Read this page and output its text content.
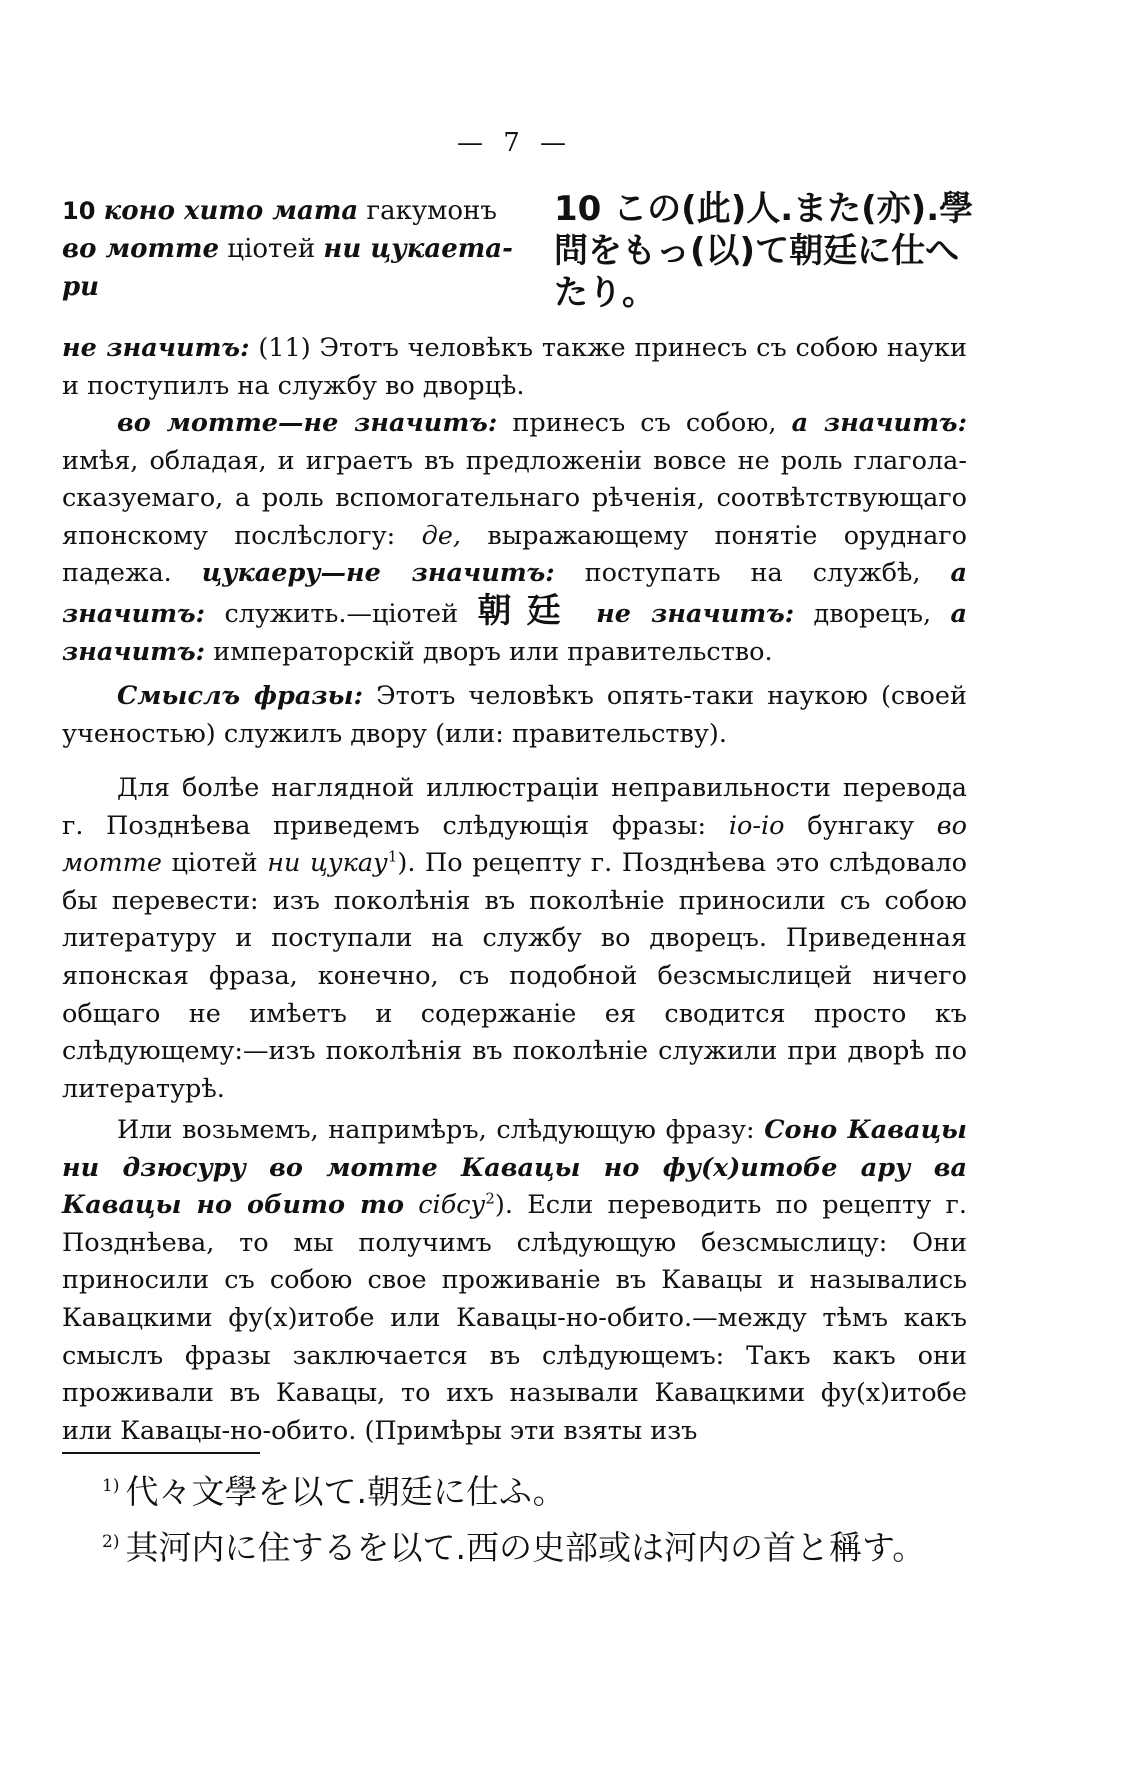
— 7 —
10 коно хито мата гакумонъ во мотте ціотей ни цукаета-ри
10 この(此)人.また(亦).學問をもっ(以)て朝廷に仕へたり。

не значитъ: (11) Этотъ человѣкъ также принесъ съ собою науки и поступилъ на службу во дворцѣ.

во мотте—не значитъ: принесъ съ собою, а значитъ: имѣя, обладая, и играетъ въ предложеніи вовсе не роль глагола-сказуемаго, а роль вспомогательнаго рѣченія, соотвѣтствующаго японскому послѣслогу: де, выражающему понятіе оруднаго падежа. цукаеру—не значитъ: поступать на службѣ, а значитъ: служить.—ціотей 朝廷 не значитъ: дворецъ, а значитъ: императорскій дворъ или правительство.

Смыслъ фразы: Этотъ человѣкъ опять-таки наукою (своей ученостью) служилъ двору (или: правительству).

Для болѣе наглядной иллюстраціи неправильности перевода г. Позднѣева приведемъ слѣдующія фразы: іо-іо бунгаку во мотте ціотей ни цукау$^1$). По рецепту г. Позднѣева это слѣдовало бы перевести: изъ поколѣнія въ поколѣніе приносили съ собою литературу и поступали на службу во дворецъ. Приведенная японская фраза, конечно, съ подобной безсмыслицей ничего общаго не имѣетъ и содержаніе ея сводится просто къ слѣдующему:—изъ поколѣнія въ поколѣніе служили при дворѣ по литературѣ.

Или возьмемъ, напримѣръ, слѣдующую фразу: Соно Кавацы ни дзюсуру во мотте Кавацы но фу(х)итобе ару ва Кавацы но обито то сібсу$^2$). Если переводить по рецепту г. Позднѣева, то мы получимъ слѣдующую безсмыслицу: Они приносили съ собою свое проживаніе въ Кавацы и назывались Кавацкими фу(х)итобе или Кавацы-но-обито.—между тѣмъ какъ смыслъ фразы заключается въ слѣдующемъ: Такъ какъ они проживали въ Кавацы, то ихъ называли Кавацкими фу(х)итобе или Кавацы-но-обито. (Примѣры эти взяты изъ

$^{1)}$ 代々文學を以て.朝廷に仕ふ。
$^{2)}$ 其河内に住するを以て.西の史部或は河内の首と稱す。
